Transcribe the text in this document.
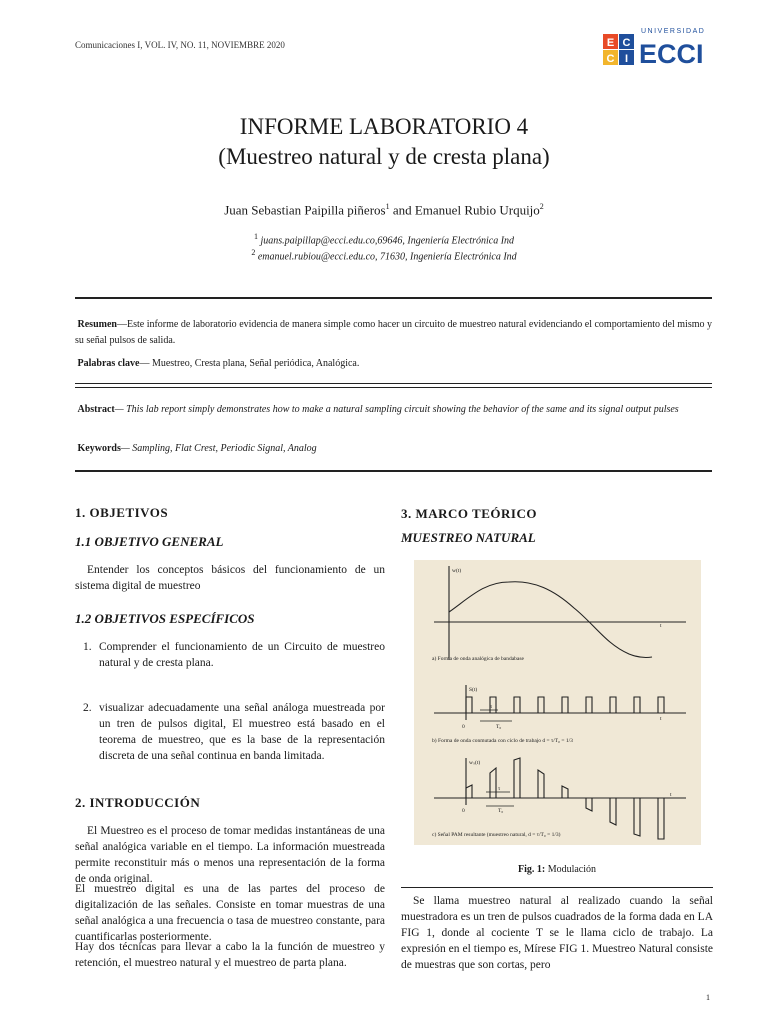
Comunicaciones I, VOL. IV, NO. 11, NOVIEMBRE 2020	E C
C I
UNIVERSIDAD
ECCI
INFORME LABORATORIO 4
(Muestreo natural y de cresta plana)
Juan Sebastian Paipilla piñeros$^1$ and Emanuel Rubio Urquijo$^2$
$^1$ juans.paipillap@ecci.edu.co,69646, Ingeniería Electrónica Ind
$^2$ emanuel.rubiou@ecci.edu.co, 71630, Ingeniería Electrónica Ind
Resumen—Este informe de laboratorio evidencia de manera simple como hacer un circuito de muestreo natural evidenciando el comportamiento del mismo y su señal pulsos de salida.
Palabras clave— Muestreo, Cresta plana, Señal periódica, Analógica.
Abstract— This lab report simply demonstrates how to make a natural sampling circuit showing the behavior of the same and its signal output pulses
Keywords— Sampling, Flat Crest, Periodic Signal, Analog
1. OBJETIVOS
1.1 OBJETIVO GENERAL
Entender los conceptos básicos del funcionamiento de un sistema digital de muestreo
1.2 OBJETIVOS ESPECÍFICOS
1. Comprender el funcionamiento de un Circuito de muestreo natural y de cresta plana.
2. visualizar adecuadamente una señal análoga muestreada por un tren de pulsos digital, El muestreo está basado en el teorema de muestreo, que es la base de la representación discreta de una señal continua en banda limitada.
2. INTRODUCCIÓN
El Muestreo es el proceso de tomar medidas instantáneas de una señal analógica variable en el tiempo. La información muestreada permite reconstituir más o menos una representación de la forma de onda original.
El muestreo digital es una de las partes del proceso de digitalización de las señales. Consiste en tomar muestras de una señal analógica a una frecuencia o tasa de muestreo constante, para cuantificarlas posteriormente.
Hay dos técnicas para llevar a cabo la la función de muestreo y retención, el muestreo natural y el muestreo de parta plana.
3. MARCO TEÓRICO
MUESTREO NATURAL
w(t)
t
a) Forma de onda analógica de bandabase
S(t)
τ
T₀
0
t
b) Forma de onda conmutada con ciclo de trabajo d = τ/T₀ = 1/3
wₛ(t)
τ
T₀
0
t
c) Señal PAM resultante (muestreo natural, d = τ/T₀ = 1/3)
Fig. 1: Modulación
Se llama muestreo natural al realizado cuando la señal muestradora es un tren de pulsos cuadrados de la forma dada en LA FIG 1, donde al cociente T se le llama ciclo de trabajo. La expresión en el tiempo es, Mírese FIG 1. Muestreo Natural consiste de muestras que son cortas, pero
1
